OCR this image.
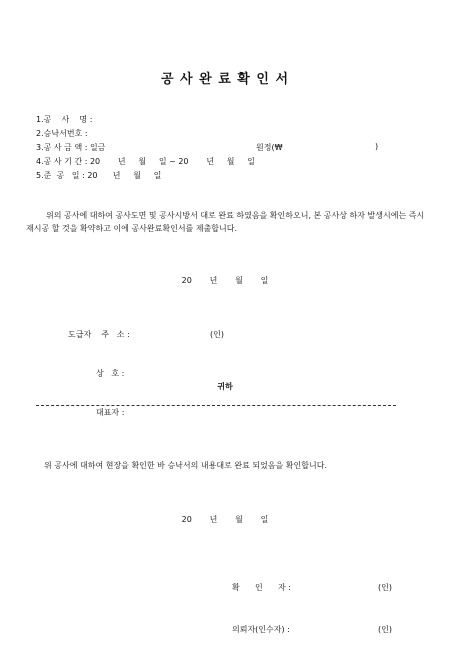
공 사 완 료 확 인 서
1.공    사    명 :
2.승낙서번호 :
3.공 사 금 액 : 일금	원정(₩	)
4.공 사 기 간 : 20       년     월     일 ~ 20       년     월     일
5.준  공   일 : 20      년     월     일
위의 공사에 대하여 공사도면 및 공사시방서 대로 완료 하였음을 확인하오니, 본 공사상 하자 발생시에는 즉시 재시공 할 것을 확약하고 이에 공사완료확인서를 제출합니다.
20       년       월       일

도급자    주   소 :

상   호 :

대표자 :

(인)
귀하
위 공사에 대하여 현장을 확인한 바 승낙서의 내용대로 완료 되었음을 확인합니다.
20       년       월       일

확      인      자 :

의뢰자(인수자) :

(인)

(인)
